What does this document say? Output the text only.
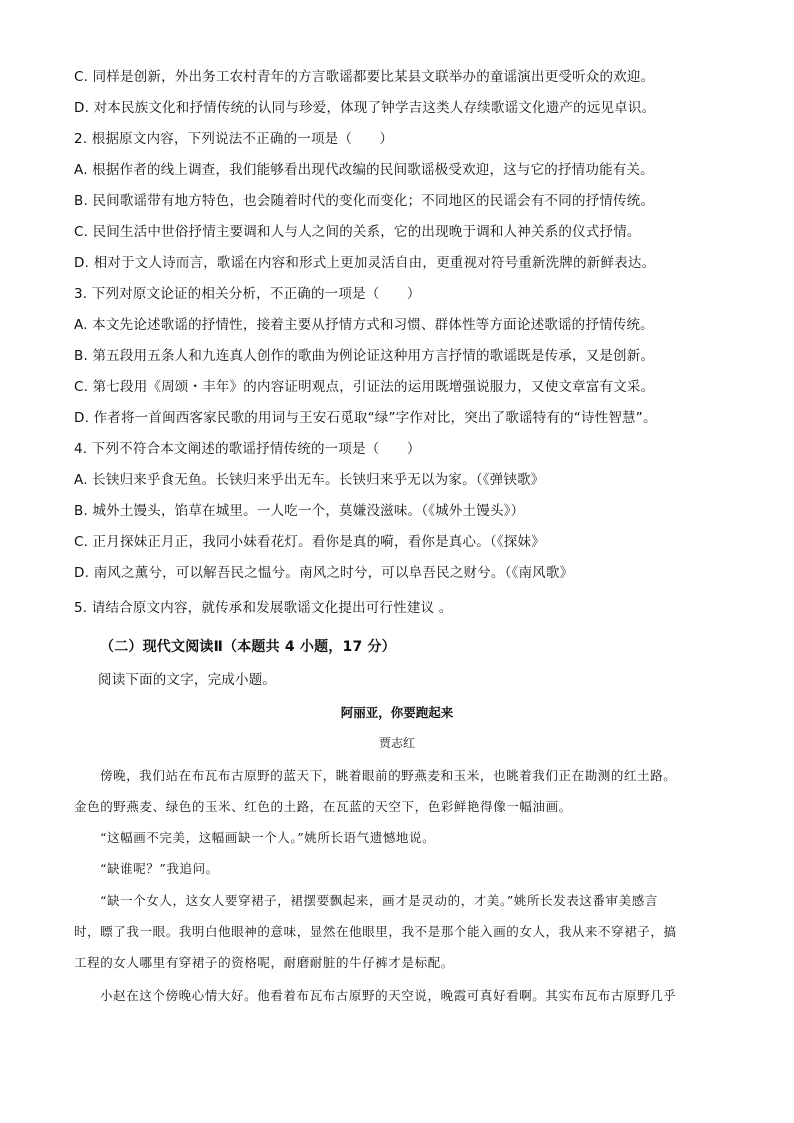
C. 同样是创新，外出务工农村青年的方言歌谣都要比某县文联举办的童谣演出更受听众的欢迎。
D. 对本民族文化和抒情传统的认同与珍爱，体现了钟学吉这类人存续歌谣文化遗产的远见卓识。
2. 根据原文内容，下列说法不正确的一项是（　　）
A. 根据作者的线上调查，我们能够看出现代改编的民间歌谣极受欢迎，这与它的抒情功能有关。
B. 民间歌谣带有地方特色，也会随着时代的变化而变化；不同地区的民谣会有不同的抒情传统。
C. 民间生活中世俗抒情主要调和人与人之间的关系，它的出现晚于调和人神关系的仪式抒情。
D. 相对于文人诗而言，歌谣在内容和形式上更加灵活自由，更重视对符号重新洗牌的新鲜表达。
3. 下列对原文论证的相关分析，不正确的一项是（　　）
A. 本文先论述歌谣的抒情性，接着主要从抒情方式和习惯、群体性等方面论述歌谣的抒情传统。
B. 第五段用五条人和九连真人创作的歌曲为例论证这种用方言抒情的歌谣既是传承，又是创新。
C. 第七段用《周颂・丰年》的内容证明观点，引证法的运用既增强说服力，又使文章富有文采。
D. 作者将一首闽西客家民歌的用词与王安石觅取“绿”字作对比，突出了歌谣特有的“诗性智慧”。
4. 下列不符合本文阐述的歌谣抒情传统的一项是（　　）
A. 长铗归来乎食无鱼。长铗归来乎出无车。长铗归来乎无以为家。（《弹铗歌》
B. 城外土馒头，馅草在城里。一人吃一个，莫嫌没滋味。（《城外土馒头》）
C. 正月探妹正月正，我同小妹看花灯。看你是真的嗬，看你是真心。（《探妹》
D. 南风之薰兮，可以解吾民之愠兮。南风之时兮，可以阜吾民之财兮。（《南风歌》
5. 请结合原文内容，就传承和发展歌谣文化提出可行性建议 。
（二）现代文阅读Ⅱ（本题共 4 小题，17 分）
阅读下面的文字，完成小题。
阿丽亚，你要跑起来
贾志红
傍晚，我们站在布瓦布古原野的蓝天下，眺着眼前的野燕麦和玉米，也眺着我们正在勘测的红土路。
金色的野燕麦、绿色的玉米、红色的土路，在瓦蓝的天空下，色彩鲜艳得像一幅油画。
“这幅画不完美，这幅画缺一个人。”姚所长语气遗憾地说。
“缺谁呢？”我追问。
“缺一个女人，这女人要穿裙子，裙摆要飘起来，画才是灵动的，才美。”姚所长发表这番审美感言
时，瞟了我一眼。我明白他眼神的意味，显然在他眼里，我不是那个能入画的女人，我从来不穿裙子，搞
工程的女人哪里有穿裙子的资格呢，耐磨耐脏的牛仔裤才是标配。
小赵在这个傍晚心情大好。他看着布瓦布古原野的天空说，晚霞可真好看啊。其实布瓦布古原野几乎
